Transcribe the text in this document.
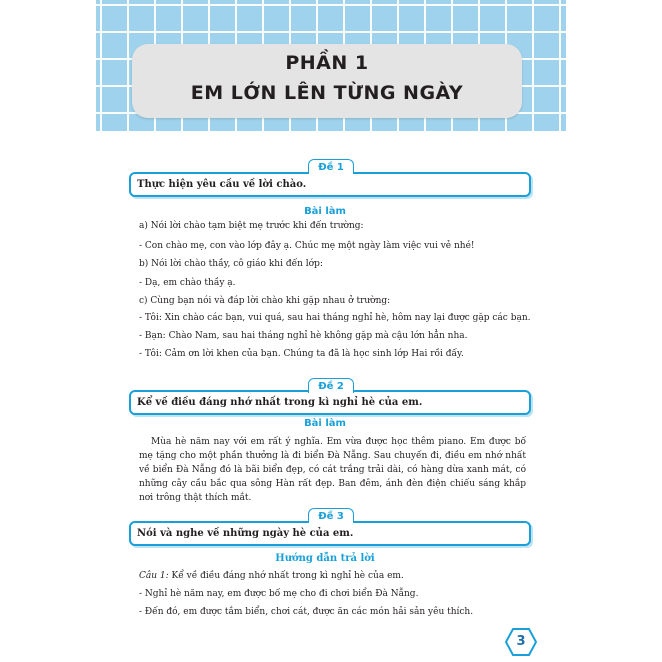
PHẦN 1
EM LỚN LÊN TỪNG NGÀY
Đề 1
Thực hiện yêu cầu về lời chào.
Bài làm
a) Nói lời chào tạm biệt mẹ trước khi đến trường:
- Con chào mẹ, con vào lớp đây ạ. Chúc mẹ một ngày làm việc vui vẻ nhé!
b) Nói lời chào thầy, cô giáo khi đến lớp:
- Dạ, em chào thầy ạ.
c) Cùng bạn nói và đáp lời chào khi gặp nhau ở trường:
- Tôi: Xin chào các bạn, vui quá, sau hai tháng nghỉ hè, hôm nay lại được gặp các bạn.
- Bạn: Chào Nam, sau hai tháng nghỉ hè không gặp mà cậu lớn hẳn nha.
- Tôi: Cảm ơn lời khen của bạn. Chúng ta đã là học sinh lớp Hai rồi đấy.
Đề 2
Kể về điều đáng nhớ nhất trong kì nghỉ hè của em.
Bài làm
Mùa hè năm nay với em rất ý nghĩa. Em vừa được học thêm piano. Em được bố mẹ tặng cho một phần thưởng là đi biển Đà Nẵng. Sau chuyến đi, điều em nhớ nhất về biển Đà Nẵng đó là bãi biển đẹp, có cát trắng trải dài, có hàng dừa xanh mát, có những cây cầu bắc qua sông Hàn rất đẹp. Ban đêm, ánh đèn điện chiếu sáng khắp nơi trông thật thích mắt.
Đề 3
Nói và nghe về những ngày hè của em.
Hướng dẫn trả lời
Câu 1: Kể về điều đáng nhớ nhất trong kì nghỉ hè của em.
- Nghỉ hè năm nay, em được bố mẹ cho đi chơi biển Đà Nẵng.
- Đến đó, em được tắm biển, chơi cát, được ăn các món hải sản yêu thích.
3
